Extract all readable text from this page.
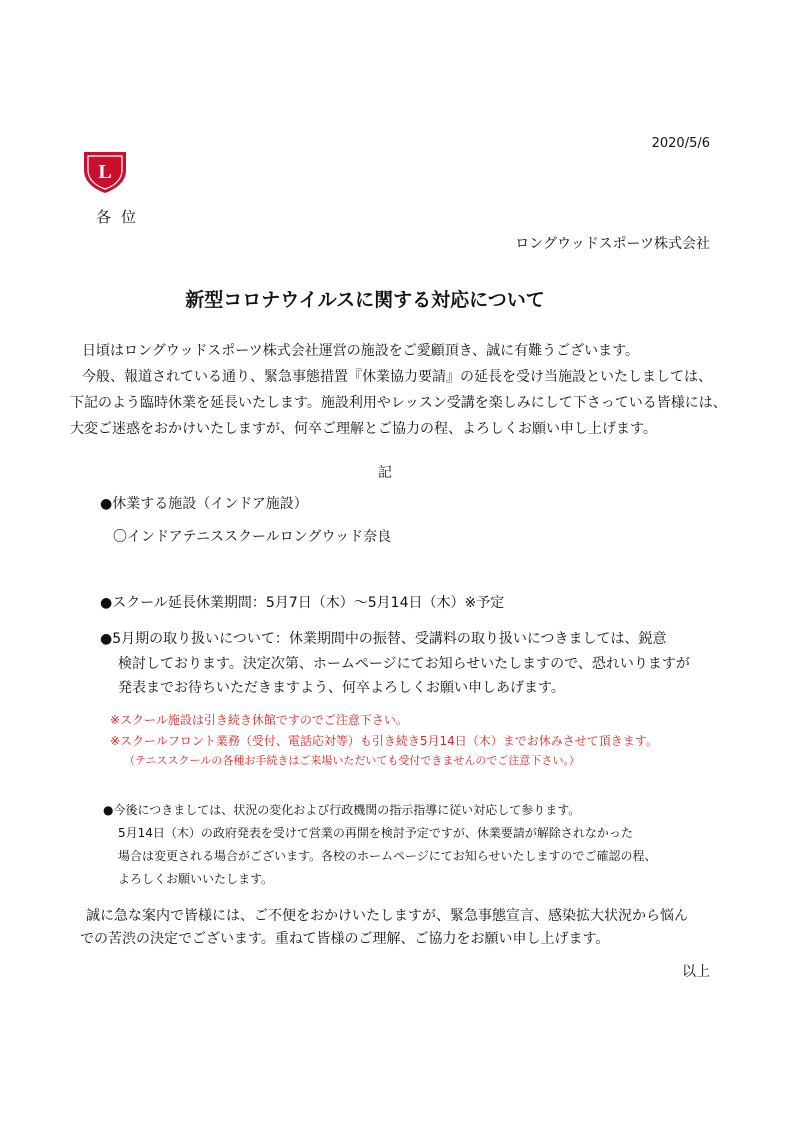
2020/5/6
L
各位
ロングウッドスポーツ株式会社
新型コロナウイルスに関する対応について
日頃はロングウッドスポーツ株式会社運営の施設をご愛顧頂き、誠に有難うございます。
今般、報道されている通り、緊急事態措置『休業協力要請』の延長を受け当施設といたしましては、
下記のよう臨時休業を延長いたします。施設利用やレッスン受講を楽しみにして下さっている皆様には、
大変ご迷惑をおかけいたしますが、何卒ご理解とご協力の程、よろしくお願い申し上げます。
記
●休業する施設（インドア施設）
〇インドアテニススクールロングウッド奈良
●スクール延長休業期間：5月7日（木）～5月14日（木）※予定
●5月期の取り扱いについて：休業期間中の振替、受講料の取り扱いにつきましては、鋭意
検討しております。決定次第、ホームページにてお知らせいたしますので、恐れいりますが
発表までお待ちいただきますよう、何卒よろしくお願い申しあげます。
※スクール施設は引き続き休館ですのでご注意下さい。
※スクールフロント業務（受付、電話応対等）も引き続き5月14日（木）までお休みさせて頂きます。
（テニススクールの各種お手続きはご来場いただいても受付できませんのでご注意下さい。）
●今後につきましては、状況の変化および行政機関の指示指導に従い対応して参ります。
5月14日（木）の政府発表を受けて営業の再開を検討予定ですが、休業要請が解除されなかった
場合は変更される場合がございます。各校のホームページにてお知らせいたしますのでご確認の程、
よろしくお願いいたします。
誠に急な案内で皆様には、ご不便をおかけいたしますが、緊急事態宣言、感染拡大状況から悩ん
での苦渋の決定でございます。重ねて皆様のご理解、ご協力をお願い申し上げます。
以上
